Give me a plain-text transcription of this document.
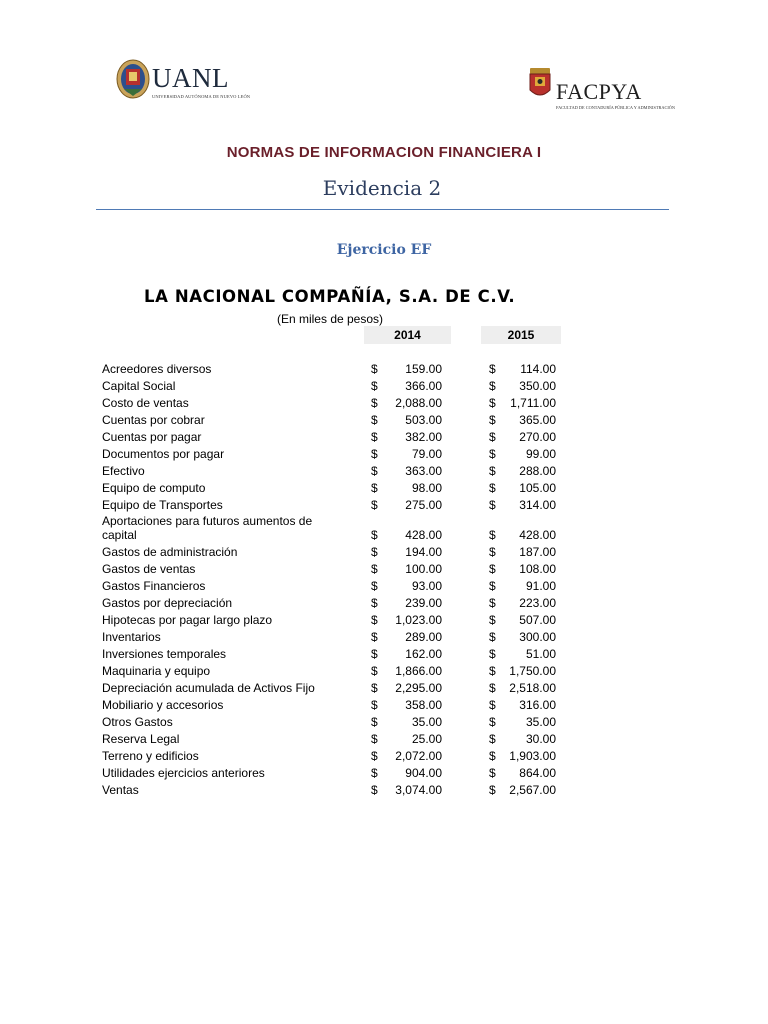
UANL
UNIVERSIDAD AUTÓNOMA DE NUEVO LEÓN	FACPYA
FACULTAD DE CONTADURÍA PÚBLICA Y ADMINISTRACIÓN
NORMAS DE INFORMACION FINANCIERA I
Evidencia 2
Ejercicio EF
LA NACIONAL COMPAÑÍA, S.A. DE C.V.
(En miles de pesos)
2014	2015
Acreedores diversos	$	159.00	$	114.00
Capital Social	$	366.00	$	350.00
Costo de ventas	$	2,088.00	$	1,711.00
Cuentas por cobrar	$	503.00	$	365.00
Cuentas por pagar	$	382.00	$	270.00
Documentos por pagar	$	79.00	$	99.00
Efectivo	$	363.00	$	288.00
Equipo de computo	$	98.00	$	105.00
Equipo de Transportes	$	275.00	$	314.00
Aportaciones para futuros aumentos de capital	$	428.00	$	428.00
Gastos de administración	$	194.00	$	187.00
Gastos de ventas	$	100.00	$	108.00
Gastos Financieros	$	93.00	$	91.00
Gastos por depreciación	$	239.00	$	223.00
Hipotecas por pagar largo plazo	$	1,023.00	$	507.00
Inventarios	$	289.00	$	300.00
Inversiones temporales	$	162.00	$	51.00
Maquinaria y equipo	$	1,866.00	$	1,750.00
Depreciación acumulada de Activos Fijo	$	2,295.00	$	2,518.00
Mobiliario y accesorios	$	358.00	$	316.00
Otros Gastos	$	35.00	$	35.00
Reserva Legal	$	25.00	$	30.00
Terreno y edificios	$	2,072.00	$	1,903.00
Utilidades ejercicios anteriores	$	904.00	$	864.00
Ventas	$	3,074.00	$	2,567.00
